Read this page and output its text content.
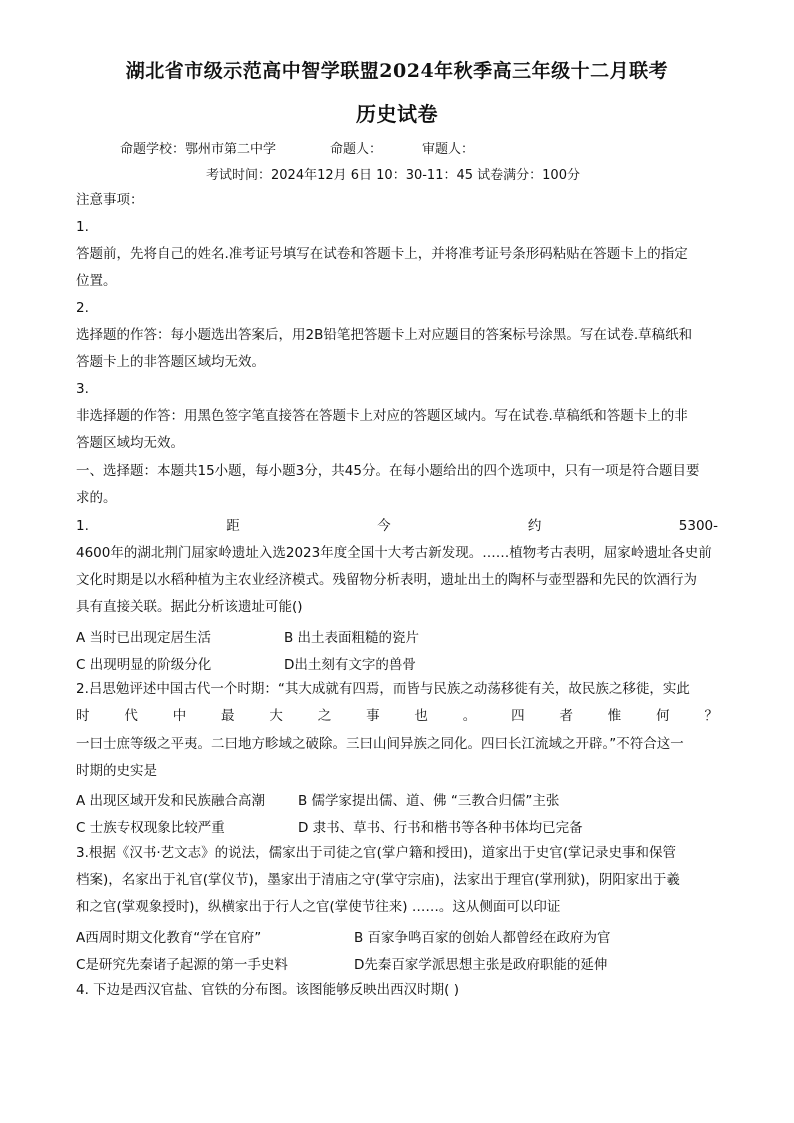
湖北省市级示范高中智学联盟2024年秋季高三年级十二月联考
历史试卷
命题学校：鄂州市第二中学	命题人：	审题人：
考试时间：2024年12月 6日 10：30-11：45 试卷满分：100分
注意事项：
1.
答题前，先将自己的姓名.准考证号填写在试卷和答题卡上，并将准考证号条形码粘贴在答题卡上的指定
位置。
2.
选择题的作答：每小题选出答案后，用2B铅笔把答题卡上对应题目的答案标号涂黑。写在试卷.草稿纸和
答题卡上的非答题区域均无效。
3.
非选择题的作答：用黑色签字笔直接答在答题卡上对应的答题区域内。写在试卷.草稿纸和答题卡上的非
答题区域均无效。
一、选择题：本题共15小题，每小题3分，共45分。在每小题给出的四个选项中，只有一项是符合题目要
求的。
1.	距	今	约	5300-
4600年的湖北荆门屈家岭遗址入选2023年度全国十大考古新发现。……植物考古表明，屈家岭遗址各史前
文化时期是以水稻种植为主农业经济模式。残留物分析表明，遗址出土的陶杯与壶型器和先民的饮酒行为
具有直接关联。据此分析该遗址可能()
A 当时已出现定居生活	B 出土表面粗糙的瓷片
C 出现明显的阶级分化	D出土刻有文字的兽骨
2.吕思勉评述中国古代一个时期：“其大成就有四焉，而皆与民族之动荡移徙有关，故民族之移徙，实此
时	代	中	最	大	之	事	也	。	四	者	惟	何	？
一曰士庶等级之平夷。二曰地方畛域之破除。三曰山间异族之同化。四曰长江流域之开辟。”不符合这一
时期的史实是
A 出现区域开发和民族融合高潮 B 儒学家提出儒、道、佛 “三教合归儒”主张
C 士族专权现象比较严重	D 隶书、草书、行书和楷书等各种书体均已完备
3.根据《汉书·艺文志》的说法，儒家出于司徒之官(掌户籍和授田)，道家出于史官(掌记录史事和保管
档案)，名家出于礼官(掌仪节)，墨家出于清庙之守(掌守宗庙)，法家出于理官(掌刑狱)，阴阳家出于羲
和之官(掌观象授时)，纵横家出于行人之官(掌使节往来) ……。这从侧面可以印证
A西周时期文化教育“学在官府”	B 百家争鸣百家的创始人都曾经在政府为官
C是研究先秦诸子起源的第一手史料	D先秦百家学派思想主张是政府职能的延伸
4. 下边是西汉官盐、官铁的分布图。该图能够反映出西汉时期( )
